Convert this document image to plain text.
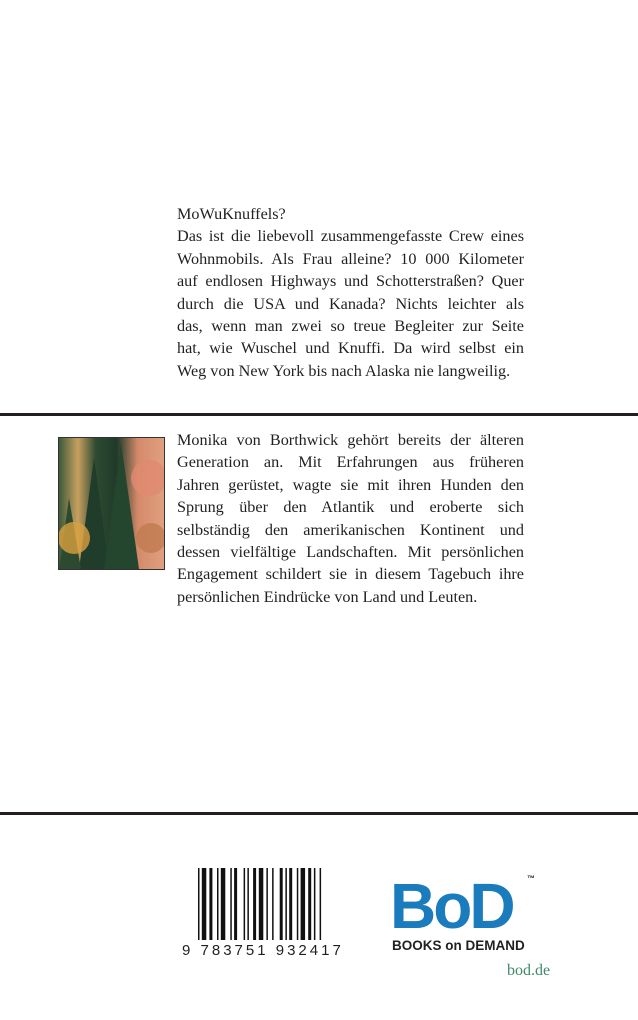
MoWuKnuffels?
Das ist die liebevoll zusammengefasste Crew eines
Wohnmobils. Als Frau alleine? 10 000 Kilometer
auf endlosen Highways und Schotterstraßen? Quer
durch die USA und Kanada? Nichts leichter als
das, wenn man zwei so treue Begleiter zur Seite
hat, wie Wuschel und Knuffi. Da wird selbst ein
Weg von New York bis nach Alaska nie langweilig.
Monika von Borthwick gehört bereits der älteren
Generation an. Mit Erfahrungen aus früheren
Jahren gerüstet, wagte sie mit ihren Hunden den
Sprung über den Atlantik und eroberte sich
selbständig den amerikanischen Kontinent und
dessen vielfältige Landschaften. Mit persönlichen
Engagement schildert sie in diesem Tagebuch ihre
persönlichen Eindrücke von Land und Leuten.
9 783751 932417
BoD ™
BOOKS on DEMAND
bod.de
